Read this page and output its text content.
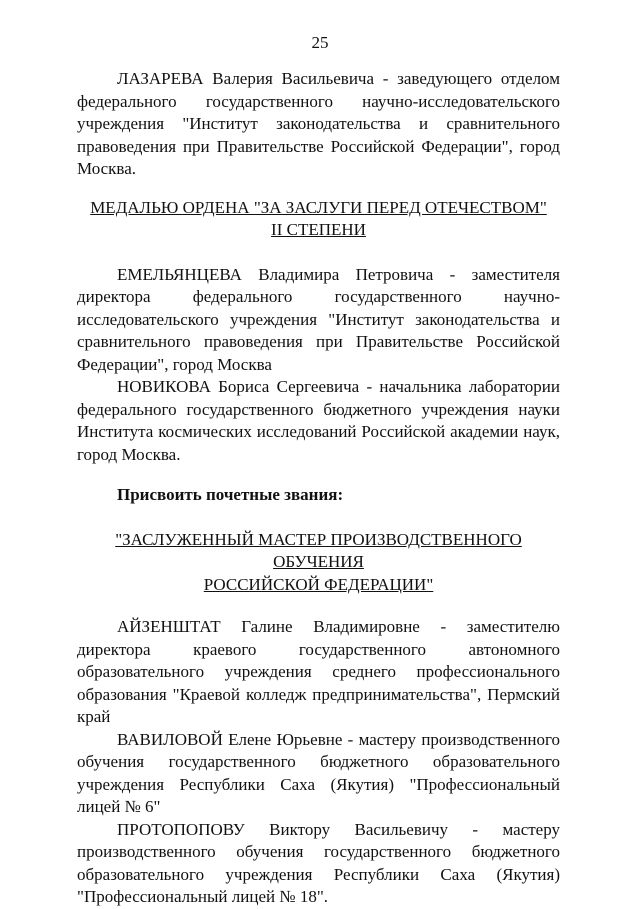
25

ЛАЗАРЕВА Валерия Васильевича - заведующего отделом федерального государственного научно-исследовательского учреждения "Институт законодательства и сравнительного правоведения при Правительстве Российской Федерации", город Москва.

МЕДАЛЬЮ ОРДЕНА "ЗА ЗАСЛУГИ ПЕРЕД ОТЕЧЕСТВОМ"

II СТЕПЕНИ

ЕМЕЛЬЯНЦЕВА Владимира Петровича - заместителя директора федерального государственного научно-исследовательского учреждения "Институт законодательства и сравнительного правоведения при Правительстве Российской Федерации", город Москва

НОВИКОВА Бориса Сергеевича - начальника лаборатории федерального государственного бюджетного учреждения науки Института космических исследований Российской академии наук, город Москва.

Присвоить почетные звания:

"ЗАСЛУЖЕННЫЙ МАСТЕР ПРОИЗВОДСТВЕННОГО ОБУЧЕНИЯ

РОССИЙСКОЙ ФЕДЕРАЦИИ"

АЙЗЕНШТАТ Галине Владимировне - заместителю директора краевого государственного автономного образовательного учреждения среднего профессионального образования "Краевой колледж предпринимательства", Пермский край

ВАВИЛОВОЙ Елене Юрьевне - мастеру производственного обучения государственного бюджетного образовательного учреждения Республики Саха (Якутия) "Профессиональный лицей № 6"

ПРОТОПОПОВУ Виктору Васильевичу - мастеру производственного обучения государственного бюджетного образовательного учреждения Республики Саха (Якутия) "Профессиональный лицей № 18".
